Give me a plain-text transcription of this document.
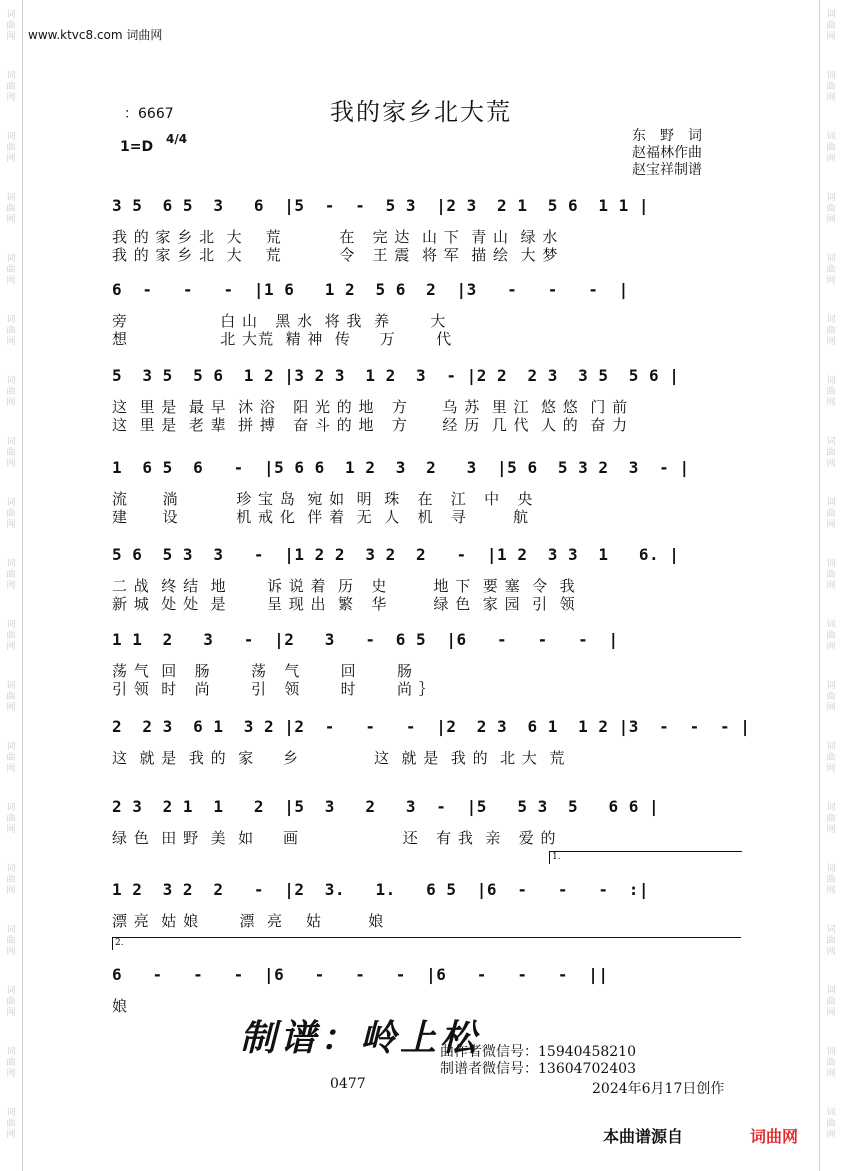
词
曲
网
词
曲
网
词
曲
网
词
曲
网
词
曲
网
词
曲
网
词
曲
网
词
曲
网
词
曲
网
词
曲
网
词
曲
网
词
曲
网
词
曲
网
词
曲
网
词
曲
网
词
曲
网
词
曲
网
词
曲
网
词
曲
网
词
曲
网
词
曲
网
词
曲
网
词
曲
网
词
曲
网
词
曲
网
词
曲
网
词
曲
网
词
曲
网
词
曲
网
词
曲
网
词
曲
网
词
曲
网
词
曲
网
词
曲
网
词
曲
网
词
曲
网
词
曲
网
词
曲
网
www.ktvc8.com 词曲网
我的家乡北大荒
：6667
1=D 4/4	东　野　词
赵福林作曲
赵宝祥制谱
3 5  6 5  3   6  |5  -  -  5 3  |2 3  2 1  5 6  1 1 |
我 的 家 乡 北  大    荒          在   完 达  山 下  青 山  绿 水
我 的 家 乡 北  大    荒          令   王 震  将 军  描 绘  大 梦
6  -   -   -  |1 6   1 2  5 6  2  |3   -   -   -  |
旁                白 山   黑 水  将 我  养       大
想                北 大荒  精 神  传     万       代
5  3 5  5 6  1 2 |3 2 3  1 2  3  - |2 2  2 3  3 5  5 6 |
这  里 是  最 早  沐 浴   阳 光 的 地   方      乌 苏  里 江  悠 悠  门 前
这  里 是  老 辈  拼 搏   奋 斗 的 地   方      经 历  几 代  人 的  奋 力
1  6 5  6   -  |5 6 6  1 2  3  2   3  |5 6  5 3 2  3  - |
流      淌          珍 宝 岛  宛 如  明  珠   在   江   中   央
建      设          机 戒 化  伴 着  无  人   机   寻        航
5 6  5 3  3   -  |1 2 2  3 2  2   -  |1 2  3 3  1   6. |
二 战  终 结  地       诉 说 着  历   史        地 下  要 塞  令  我
新 城  处 处  是       呈 现 出  繁   华        绿 色  家 园  引  领
1 1  2   3   -  |2   3   -  6 5  |6   -   -   -  |
荡 气  回   肠       荡   气       回       肠
引 领  时   尚       引   领       时       尚 ｝
2  2 3  6 1  3 2 |2  -   -   -  |2  2 3  6 1  1 2 |3  -  -  - |
这  就 是  我 的  家     乡             这  就 是  我 的  北 大  荒
2 3  2 1  1   2  |5  3   2   3  -  |5   5 3  5   6 6 |
绿 色  田 野  美  如     画                  还   有 我  亲   爱 的
1 2  3 2  2   -  |2  3.   1.   6 5  |6  -   -   -  :|
漂 亮  姑 娘       漂  亮    姑        娘
6   -   -   -  |6   -   -   -  |6   -   -   -  ||
娘
1.
2.
制谱：岭上松
曲作者微信号：15940458210
制谱者微信号：13604702403
0477	2024年6月17日创作
本曲谱源自	词曲网
